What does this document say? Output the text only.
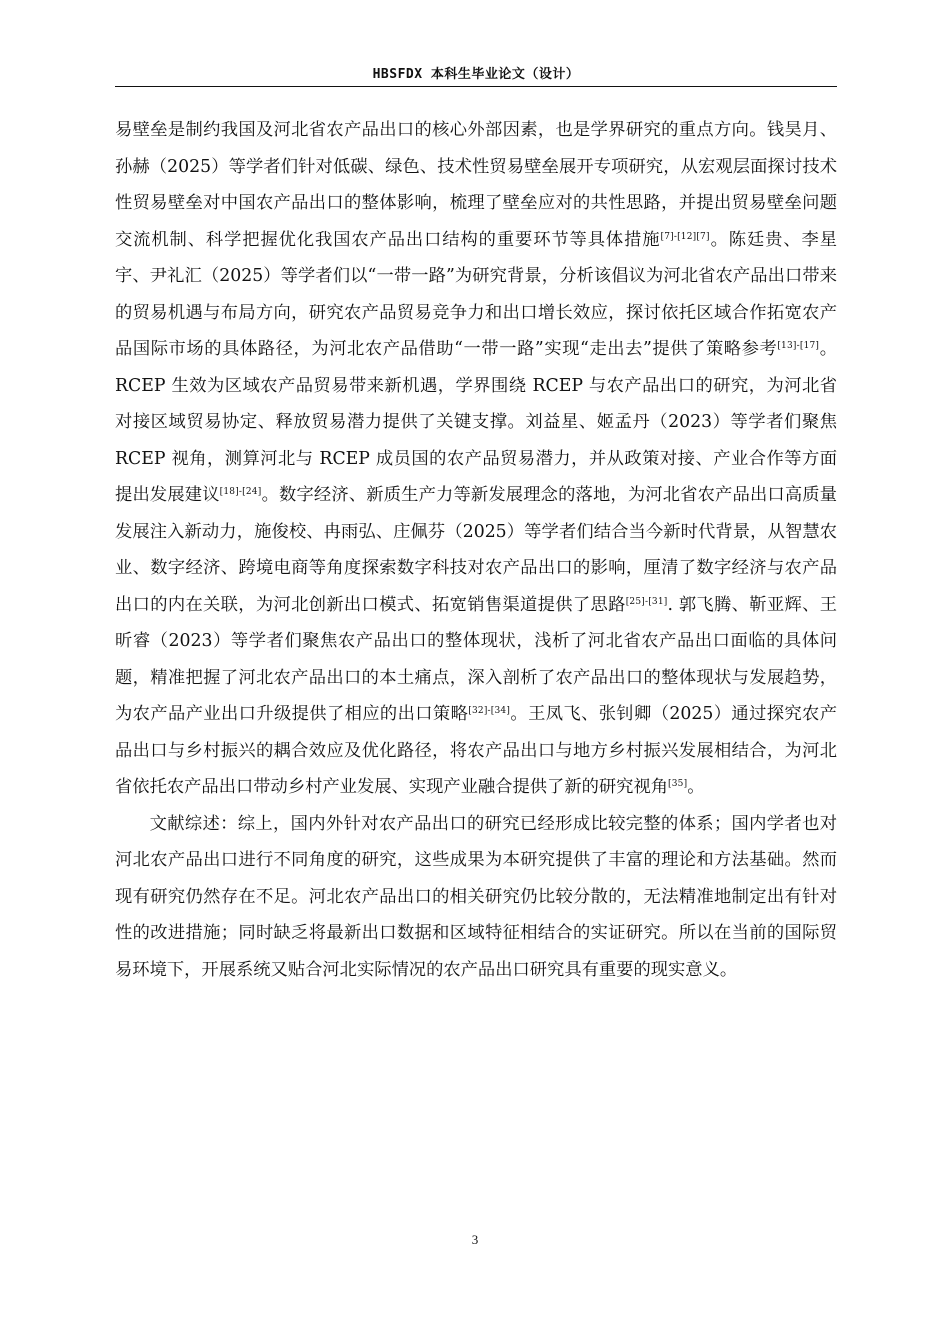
HBSFDX 本科生毕业论文（设计）

易壁垒是制约我国及河北省农产品出口的核心外部因素，也是学界研究的重点方向。钱昊月、孙赫（2025）等学者们针对低碳、绿色、技术性贸易壁垒展开专项研究，从宏观层面探讨技术性贸易壁垒对中国农产品出口的整体影响，梳理了壁垒应对的共性思路，并提出贸易壁垒问题交流机制、科学把握优化我国农产品出口结构的重要环节等具体措施[7]-[12][7]。陈廷贵、李星宇、尹礼汇（2025）等学者们以“一带一路”为研究背景，分析该倡议为河北省农产品出口带来的贸易机遇与布局方向，研究农产品贸易竞争力和出口增长效应，探讨依托区域合作拓宽农产品国际市场的具体路径，为河北农产品借助“一带一路”实现“走出去”提供了策略参考[13]-[17]。RCEP 生效为区域农产品贸易带来新机遇，学界围绕 RCEP 与农产品出口的研究，为河北省对接区域贸易协定、释放贸易潜力提供了关键支撑。刘益星、姬孟丹（2023）等学者们聚焦 RCEP 视角，测算河北与 RCEP 成员国的农产品贸易潜力，并从政策对接、产业合作等方面提出发展建议[18]-[24]。数字经济、新质生产力等新发展理念的落地，为河北省农产品出口高质量发展注入新动力，施俊校、冉雨弘、庄佩芬（2025）等学者们结合当今新时代背景，从智慧农业、数字经济、跨境电商等角度探索数字科技对农产品出口的影响，厘清了数字经济与农产品出口的内在关联，为河北创新出口模式、拓宽销售渠道提供了思路[25]-[31]. 郭飞腾、靳亚辉、王昕睿（2023）等学者们聚焦农产品出口的整体现状，浅析了河北省农产品出口面临的具体问题，精准把握了河北农产品出口的本土痛点，深入剖析了农产品出口的整体现状与发展趋势，为农产品产业出口升级提供了相应的出口策略[32]-[34]。王凤飞、张钊卿（2025）通过探究农产品出口与乡村振兴的耦合效应及优化路径，将农产品出口与地方乡村振兴发展相结合，为河北省依托农产品出口带动乡村产业发展、实现产业融合提供了新的研究视角[35]。

文献综述：综上，国内外针对农产品出口的研究已经形成比较完整的体系；国内学者也对河北农产品出口进行不同角度的研究，这些成果为本研究提供了丰富的理论和方法基础。然而现有研究仍然存在不足。河北农产品出口的相关研究仍比较分散的，无法精准地制定出有针对性的改进措施；同时缺乏将最新出口数据和区域特征相结合的实证研究。所以在当前的国际贸易环境下，开展系统又贴合河北实际情况的农产品出口研究具有重要的现实意义。

3
